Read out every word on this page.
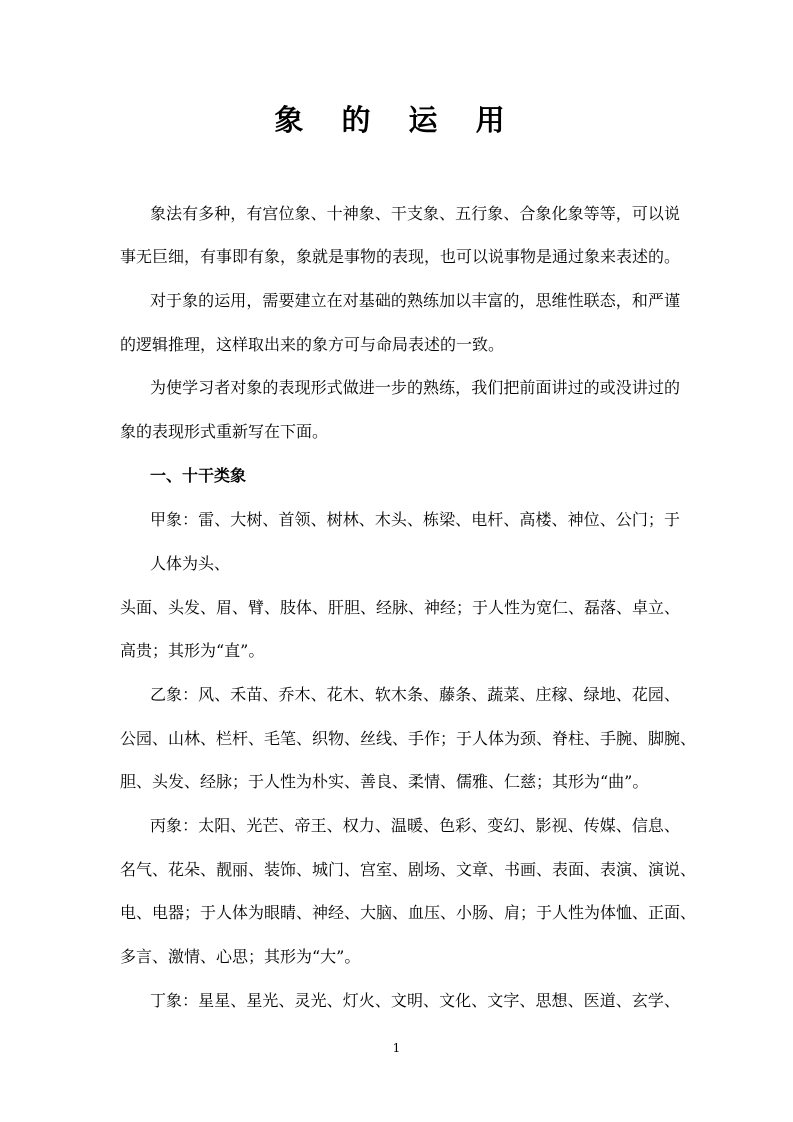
象 的 运 用
象法有多种，有宫位象、十神象、干支象、五行象、合象化象等等，可以说
事无巨细，有事即有象，象就是事物的表现，也可以说事物是通过象来表述的。
对于象的运用，需要建立在对基础的熟练加以丰富的，思维性联态，和严谨
的逻辑推理，这样取出来的象方可与命局表述的一致。
为使学习者对象的表现形式做进一步的熟练，我们把前面讲过的或没讲过的
象的表现形式重新写在下面。
一、十干类象
甲象：雷、大树、首领、树林、木头、栋梁、电杆、高楼、神位、公门；于
人体为头、
头面、头发、眉、臂、肢体、肝胆、经脉、神经；于人性为宽仁、磊落、卓立、
高贵；其形为“直”。
乙象：风、禾苗、乔木、花木、软木条、藤条、蔬菜、庄稼、绿地、花园、
公园、山林、栏杆、毛笔、织物、丝线、手作；于人体为颈、脊柱、手腕、脚腕、
胆、头发、经脉；于人性为朴实、善良、柔情、儒雅、仁慈；其形为“曲”。
丙象：太阳、光芒、帝王、权力、温暖、色彩、变幻、影视、传媒、信息、
名气、花朵、靓丽、装饰、城门、宫室、剧场、文章、书画、表面、表演、演说、
电、电器；于人体为眼睛、神经、大脑、血压、小肠、肩；于人性为体恤、正面、
多言、激情、心思；其形为“大”。
丁象：星星、星光、灵光、灯火、文明、文化、文字、思想、医道、玄学、
1
